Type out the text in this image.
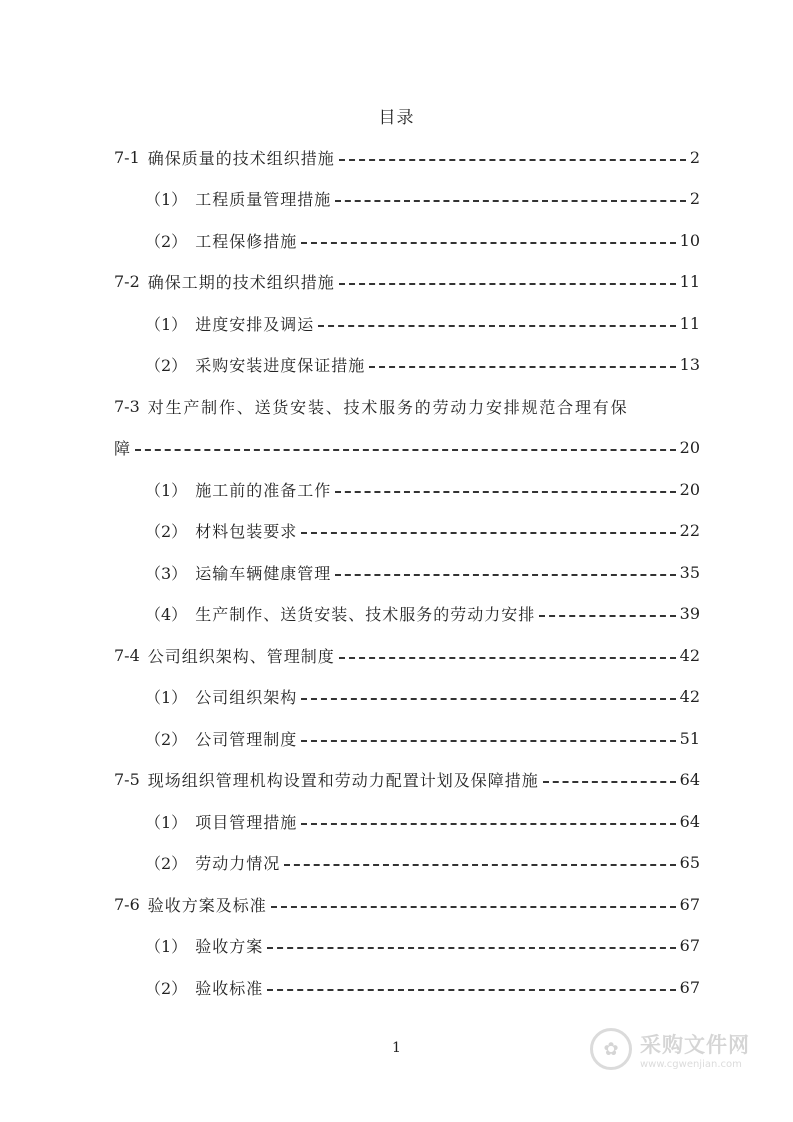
目录
7-1 确保质量的技术组织措施	2
（1） 工程质量管理措施	2
（2） 工程保修措施	10
7-2 确保工期的技术组织措施	11
（1） 进度安排及调运	11
（2） 采购安装进度保证措施	13
7-3 对生产制作、送货安装、技术服务的劳动力安排规范合理有保
障	20
（1） 施工前的准备工作	20
（2） 材料包装要求	22
（3） 运输车辆健康管理	35
（4） 生产制作、送货安装、技术服务的劳动力安排	39
7-4 公司组织架构、管理制度	42
（1） 公司组织架构	42
（2） 公司管理制度	51
7-5 现场组织管理机构设置和劳动力配置计划及保障措施	64
（1） 项目管理措施	64
（2） 劳动力情况	65
7-6 验收方案及标准	67
（1） 验收方案	67
（2） 验收标准	67
1	✿	采购文件网
www.cgwenjian.com
